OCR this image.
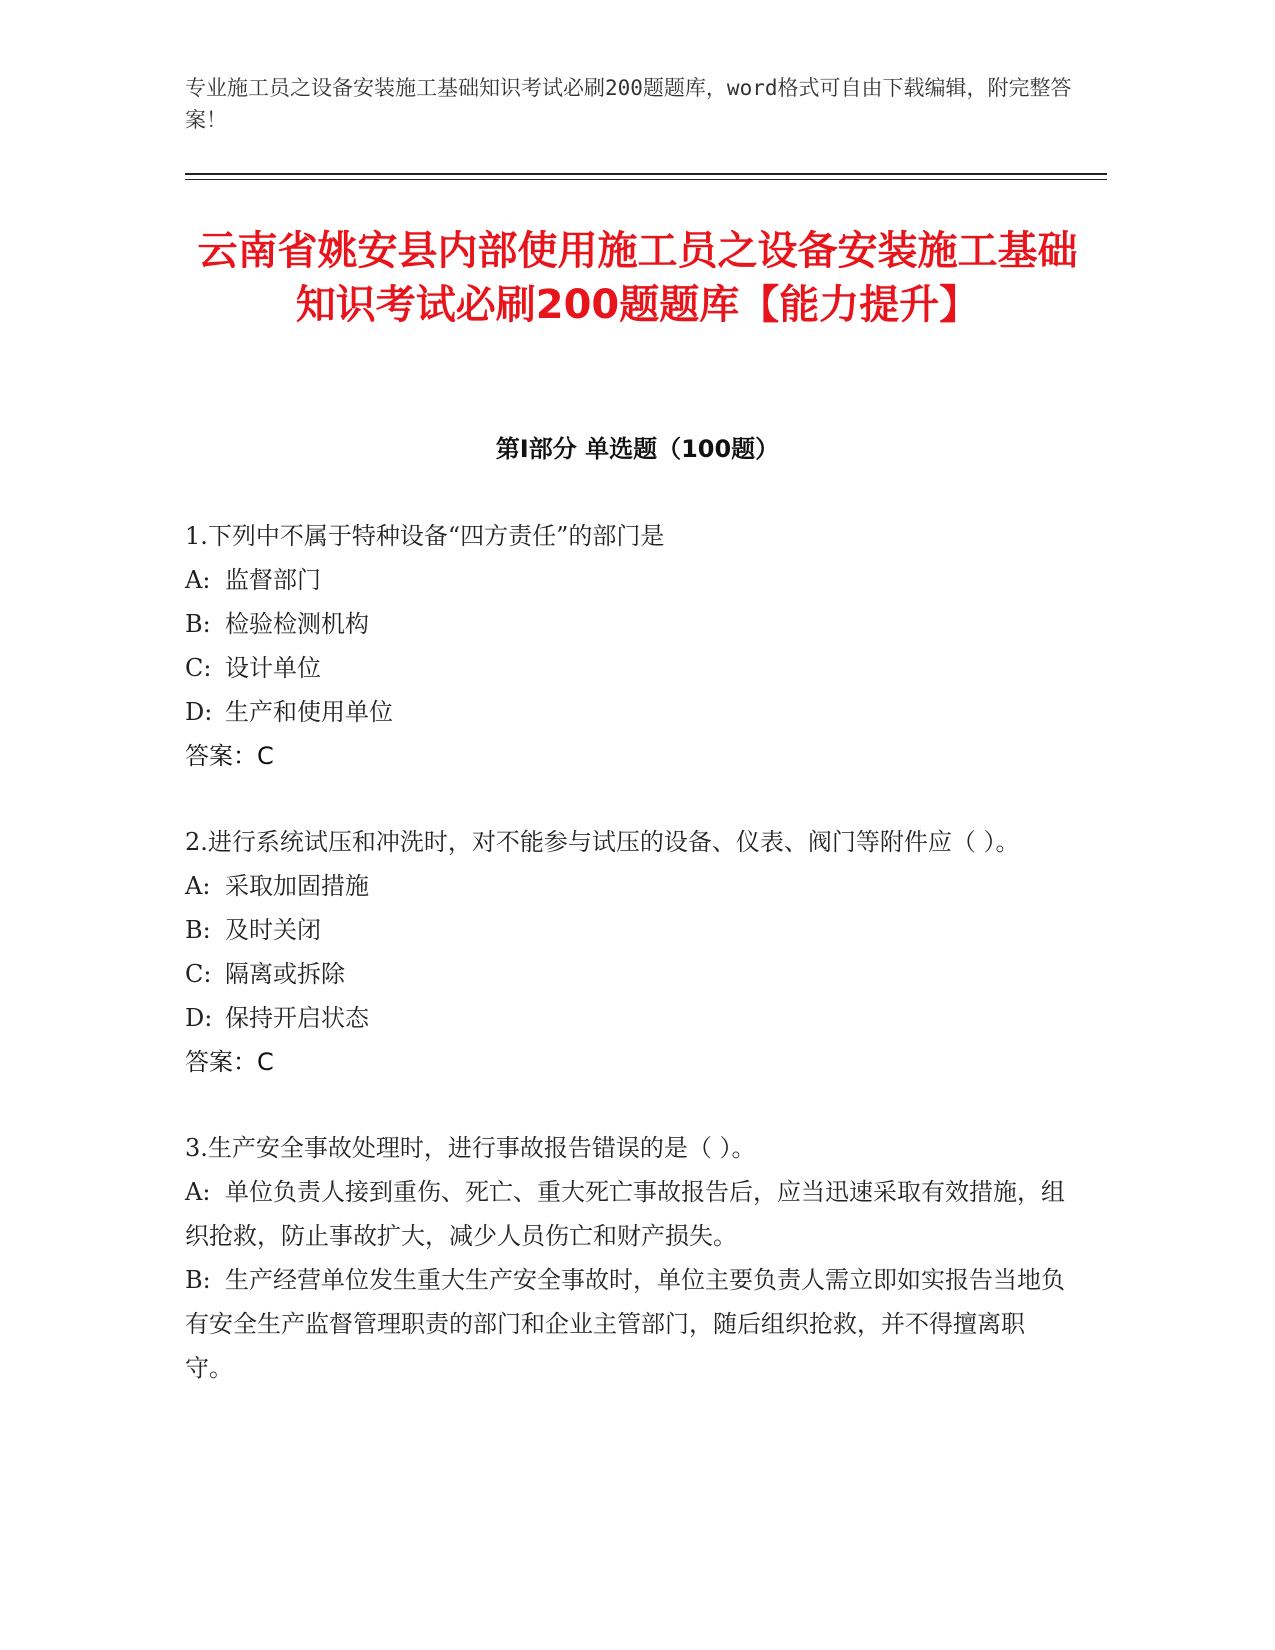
专业施工员之设备安装施工基础知识考试必刷200题题库，word格式可自由下载编辑，附完整答案！
云南省姚安县内部使用施工员之设备安装施工基础知识考试必刷200题题库【能力提升】
第Ⅰ部分 单选题（100题）

1.下列中不属于特种设备“四方责任”的部门是

A: 监督部门

B: 检验检测机构

C: 设计单位

D: 生产和使用单位

答案：C

2.进行系统试压和冲洗时，对不能参与试压的设备、仪表、阀门等附件应（ ）。

A: 采取加固措施

B: 及时关闭

C: 隔离或拆除

D: 保持开启状态

答案：C

3.生产安全事故处理时，进行事故报告错误的是（ ）。

A: 单位负责人接到重伤、死亡、重大死亡事故报告后，应当迅速采取有效措施，组织抢救，防止事故扩大，减少人员伤亡和财产损失。

B: 生产经营单位发生重大生产安全事故时，单位主要负责人需立即如实报告当地负有安全生产监督管理职责的部门和企业主管部门，随后组织抢救，并不得擅离职守。
